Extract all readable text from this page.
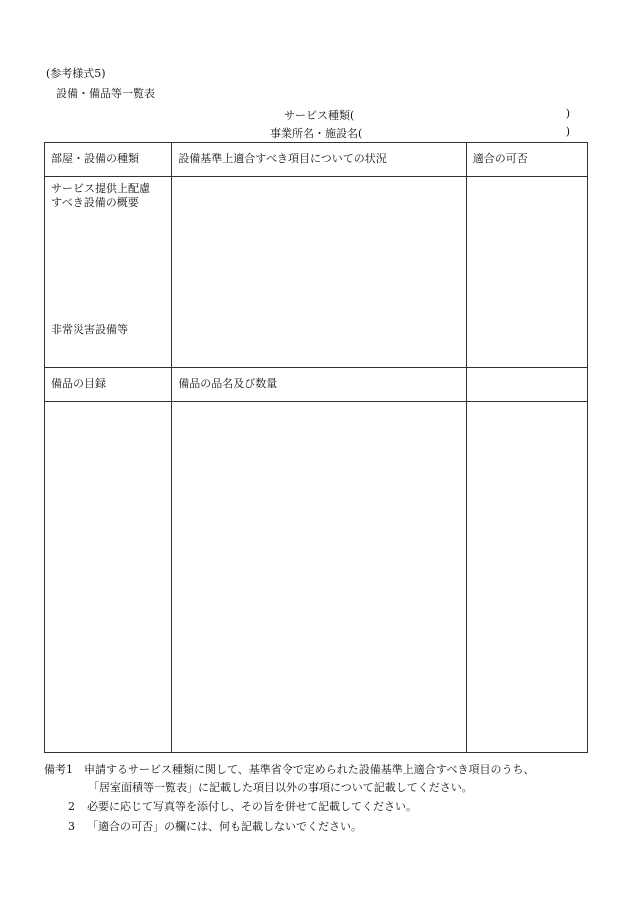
(参考様式5)
設備・備品等一覧表
サービス種類(	)
事業所名・施設名(	)
部屋・設備の種類	設備基準上適合すべき項目についての状況	適合の可否

サービス提供上配慮
すべき設備の概要
非常災害設備等		

備品の目録	備品の品名及び数量	

備考1 申請するサービス種類に関して、基準省令で定められた設備基準上適合すべき項目のうち、
「居室面積等一覧表」に記載した項目以外の事項について記載してください。
2 必要に応じて写真等を添付し、その旨を併せて記載してください。
3 「適合の可否」の欄には、何も記載しないでください。
